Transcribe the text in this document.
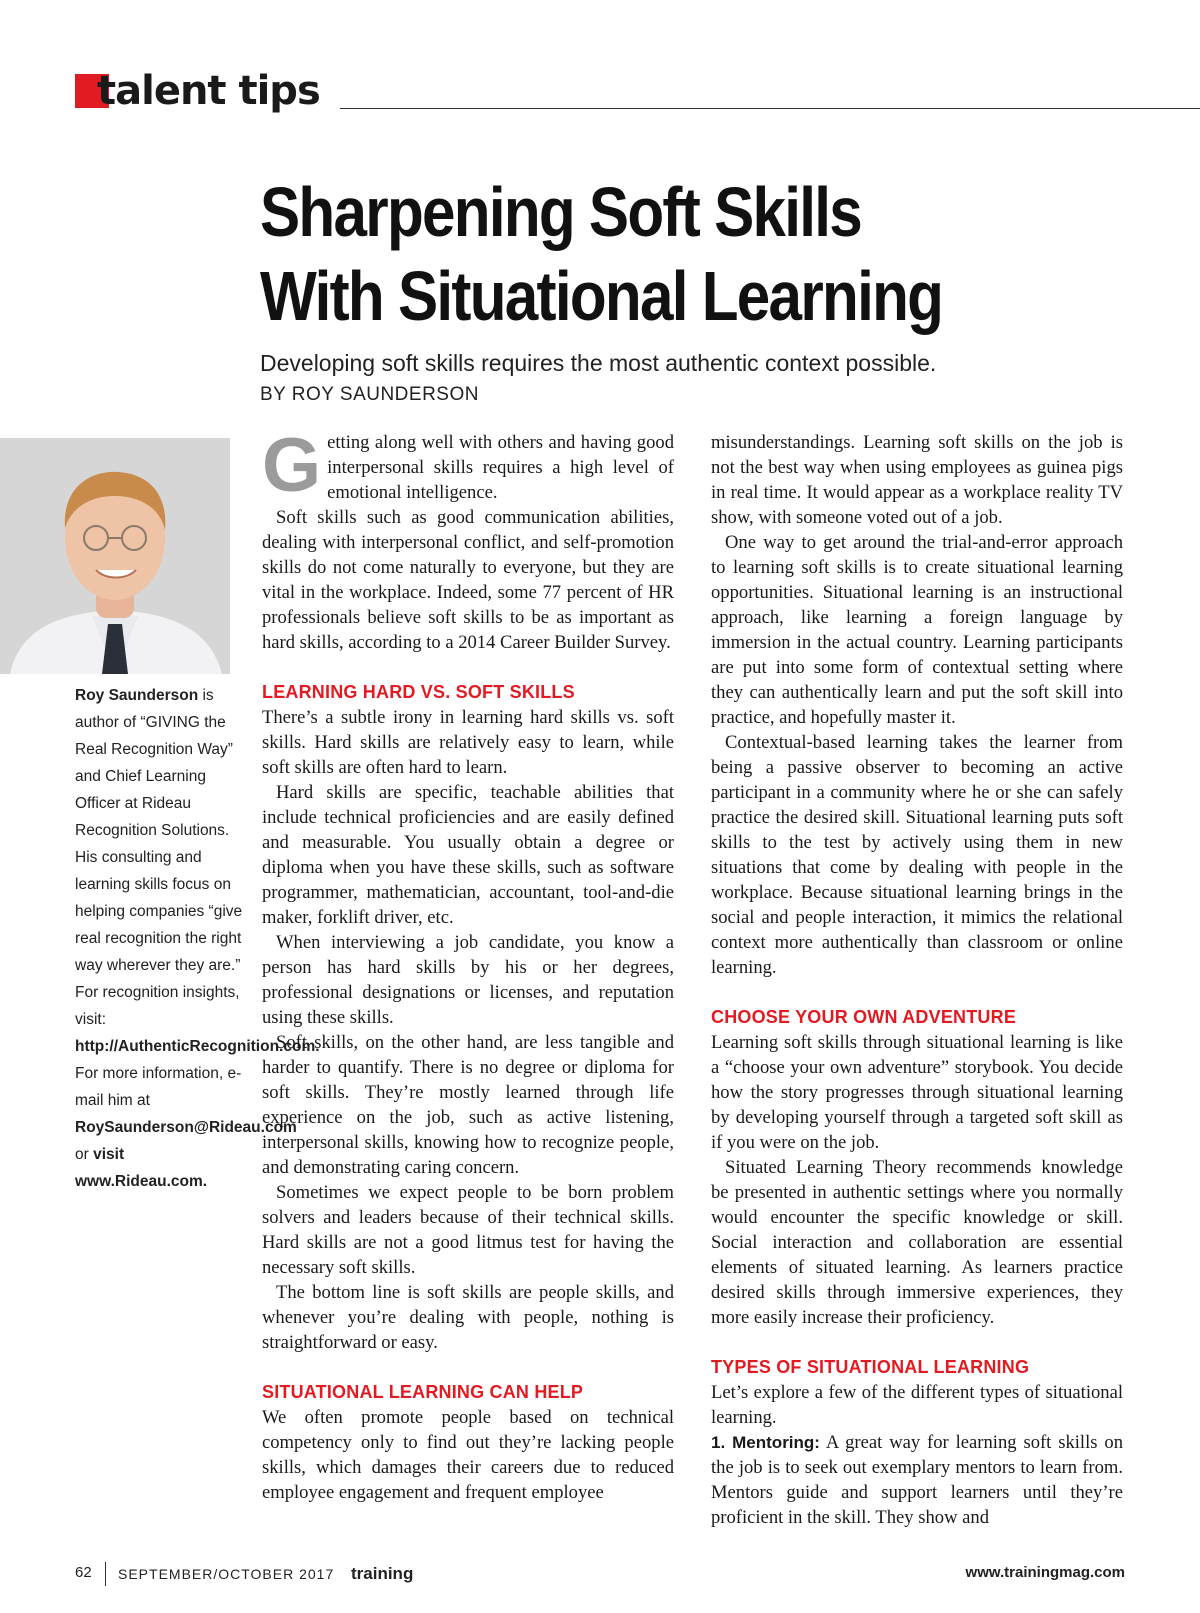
talent tips
Sharpening Soft Skills
With Situational Learning
Developing soft skills requires the most authentic context possible.
BY ROY SAUNDERSON

Roy Saunderson is author of “GIVING the Real Recognition Way” and Chief Learning Officer at Rideau Recognition Solutions. His consulting and learning skills focus on helping companies “give real recognition the right way wherever they are.” For recognition insights, visit: http://AuthenticRecognition.com. For more information, e-mail him at RoySaunderson@Rideau.com or visit www.Rideau.com.

Getting along well with others and having good interpersonal skills requires a high level of emotional intelligence.

Soft skills such as good communication abilities, dealing with interpersonal conflict, and self-promotion skills do not come naturally to everyone, but they are vital in the workplace. Indeed, some 77 percent of HR professionals believe soft skills to be as important as hard skills, according to a 2014 Career Builder Survey.

LEARNING HARD VS. SOFT SKILLS

There’s a subtle irony in learning hard skills vs. soft skills. Hard skills are relatively easy to learn, while soft skills are often hard to learn.

Hard skills are specific, teachable abilities that include technical proficiencies and are easily defined and measurable. You usually obtain a degree or diploma when you have these skills, such as software programmer, mathematician, accountant, tool-and-die maker, forklift driver, etc.

When interviewing a job candidate, you know a person has hard skills by his or her degrees, professional designations or licenses, and reputation using these skills.

Soft skills, on the other hand, are less tangible and harder to quantify. There is no degree or diploma for soft skills. They’re mostly learned through life experience on the job, such as active listening, interpersonal skills, knowing how to recognize people, and demonstrating caring concern.

Sometimes we expect people to be born problem solvers and leaders because of their technical skills. Hard skills are not a good litmus test for having the necessary soft skills.

The bottom line is soft skills are people skills, and whenever you’re dealing with people, nothing is straightforward or easy.

SITUATIONAL LEARNING CAN HELP

We often promote people based on technical competency only to find out they’re lacking people skills, which damages their careers due to reduced employee engagement and frequent employee

misunderstandings. Learning soft skills on the job is not the best way when using employees as guinea pigs in real time. It would appear as a workplace reality TV show, with someone voted out of a job.

One way to get around the trial-and-error approach to learning soft skills is to create situational learning opportunities. Situational learning is an instructional approach, like learning a foreign language by immersion in the actual country. Learning participants are put into some form of contextual setting where they can authentically learn and put the soft skill into practice, and hopefully master it.

Contextual-based learning takes the learner from being a passive observer to becoming an active participant in a community where he or she can safely practice the desired skill. Situational learning puts soft skills to the test by actively using them in new situations that come by dealing with people in the workplace. Because situational learning brings in the social and people interaction, it mimics the relational context more authentically than classroom or online learning.

CHOOSE YOUR OWN ADVENTURE

Learning soft skills through situational learning is like a “choose your own adventure” storybook. You decide how the story progresses through situational learning by developing yourself through a targeted soft skill as if you were on the job.

Situated Learning Theory recommends knowledge be presented in authentic settings where you normally would encounter the specific knowledge or skill. Social interaction and collaboration are essential elements of situated learning. As learners practice desired skills through immersive experiences, they more easily increase their proficiency.

TYPES OF SITUATIONAL LEARNING

Let’s explore a few of the different types of situational learning.

1. Mentoring: A great way for learning soft skills on the job is to seek out exemplary mentors to learn from. Mentors guide and support learners until they’re proficient in the skill. They show and

62 SEPTEMBER/OCTOBER 2017 training	www.trainingmag.com
